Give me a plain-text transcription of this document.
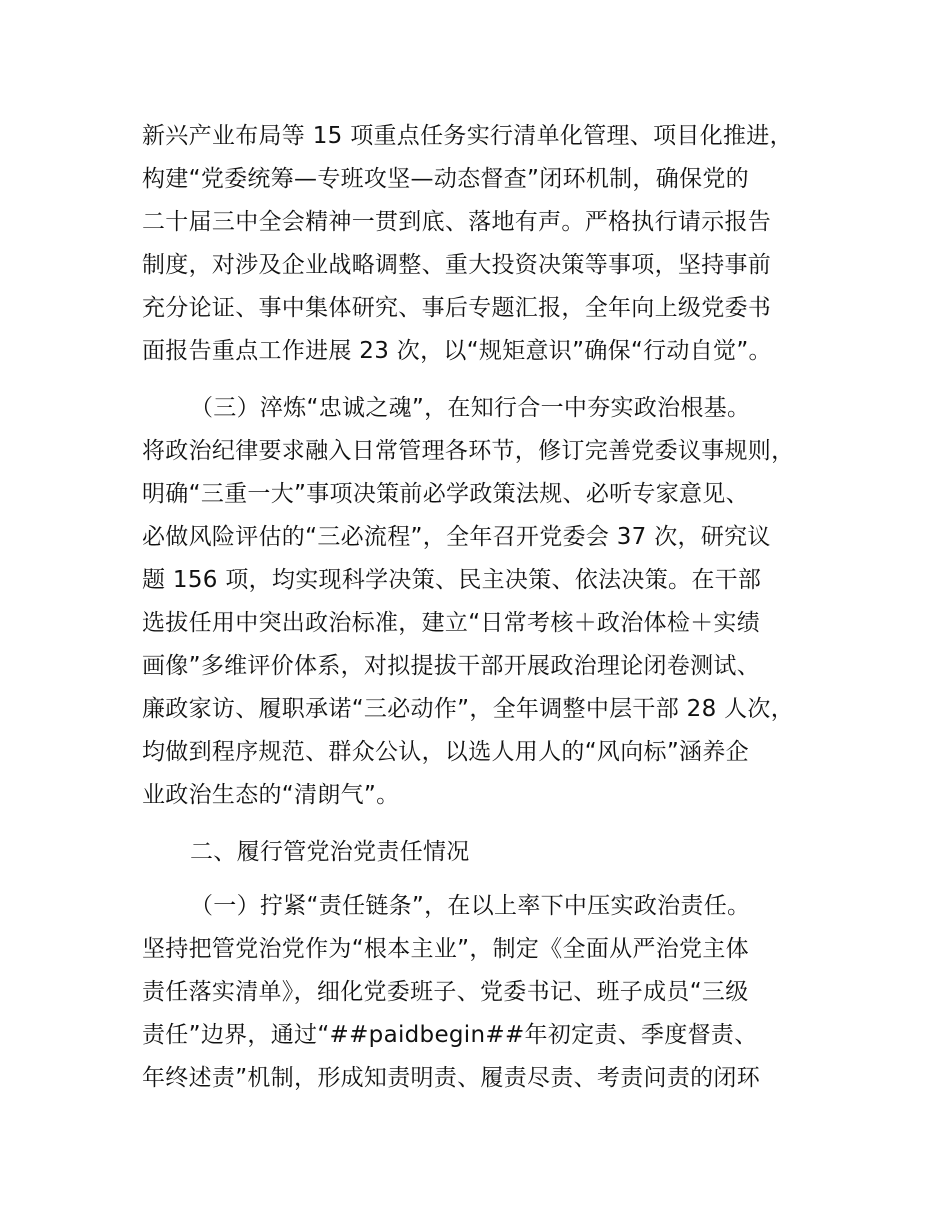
新兴产业布局等 15 项重点任务实行清单化管理、项目化推进，
构建“党委统筹—专班攻坚—动态督查”闭环机制，确保党的
二十届三中全会精神一贯到底、落地有声。严格执行请示报告
制度，对涉及企业战略调整、重大投资决策等事项，坚持事前
充分论证、事中集体研究、事后专题汇报，全年向上级党委书
面报告重点工作进展 23 次，以“规矩意识”确保“行动自觉”。
（三）淬炼“忠诚之魂”，在知行合一中夯实政治根基。
将政治纪律要求融入日常管理各环节，修订完善党委议事规则，
明确“三重一大”事项决策前必学政策法规、必听专家意见、
必做风险评估的“三必流程”，全年召开党委会 37 次，研究议
题 156 项，均实现科学决策、民主决策、依法决策。在干部
选拔任用中突出政治标准，建立“日常考核＋政治体检＋实绩
画像”多维评价体系，对拟提拔干部开展政治理论闭卷测试、
廉政家访、履职承诺“三必动作”，全年调整中层干部 28 人次，
均做到程序规范、群众公认，以选人用人的“风向标”涵养企
业政治生态的“清朗气”。
二、履行管党治党责任情况
（一）拧紧“责任链条”，在以上率下中压实政治责任。
坚持把管党治党作为“根本主业”，制定《全面从严治党主体
责任落实清单》，细化党委班子、党委书记、班子成员“三级
责任”边界，通过“##paidbegin##年初定责、季度督责、
年终述责”机制，形成知责明责、履责尽责、考责问责的闭环
